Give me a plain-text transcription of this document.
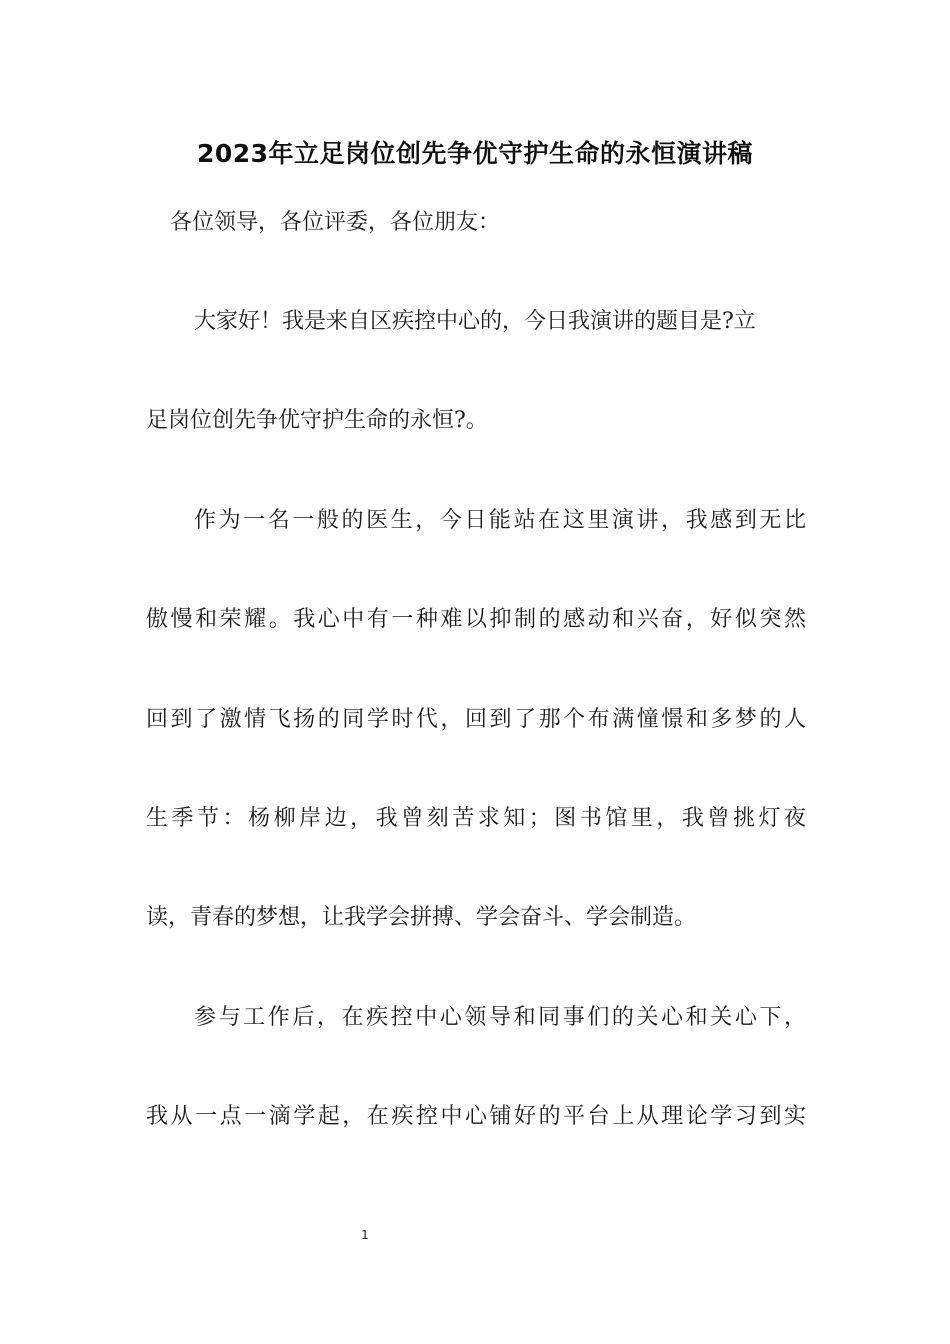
2023年立足岗位创先争优守护生命的永恒演讲稿
各位领导，各位评委，各位朋友：
大家好！我是来自区疾控中心的，今日我演讲的题目是?立
足岗位创先争优守护生命的永恒?。
作为一名一般的医生，今日能站在这里演讲，我感到无比
傲慢和荣耀。我心中有一种难以抑制的感动和兴奋，好似突然
回到了激情飞扬的同学时代，回到了那个布满憧憬和多梦的人
生季节：杨柳岸边，我曾刻苦求知；图书馆里，我曾挑灯夜
读，青春的梦想，让我学会拼搏、学会奋斗、学会制造。
参与工作后，在疾控中心领导和同事们的关心和关心下，
我从一点一滴学起，在疾控中心铺好的平台上从理论学习到实
1
